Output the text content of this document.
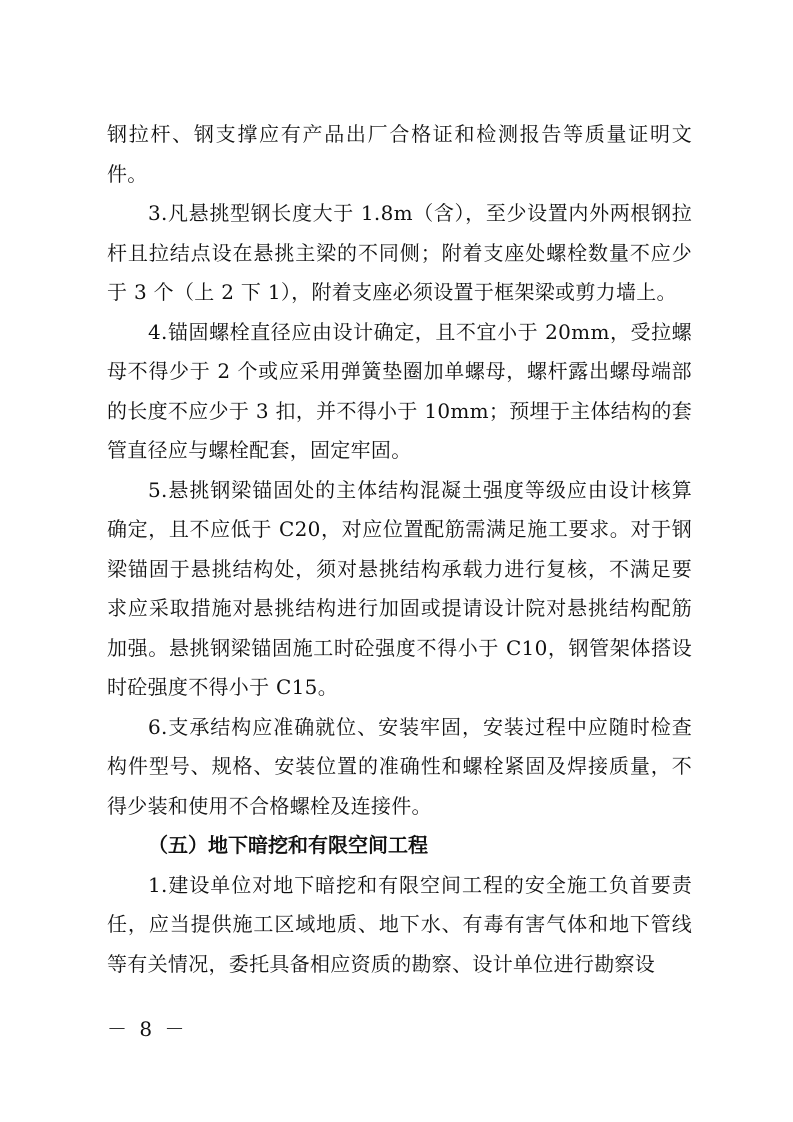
钢拉杆、钢支撑应有产品出厂合格证和检测报告等质量证明文件。

3.凡悬挑型钢长度大于 1.8m（含），至少设置内外两根钢拉杆且拉结点设在悬挑主梁的不同侧；附着支座处螺栓数量不应少于 3 个（上 2 下 1），附着支座必须设置于框架梁或剪力墙上。

4.锚固螺栓直径应由设计确定，且不宜小于 20mm，受拉螺母不得少于 2 个或应采用弹簧垫圈加单螺母，螺杆露出螺母端部的长度不应少于 3 扣，并不得小于 10mm；预埋于主体结构的套管直径应与螺栓配套，固定牢固。

5.悬挑钢梁锚固处的主体结构混凝土强度等级应由设计核算确定，且不应低于 C20，对应位置配筋需满足施工要求。对于钢梁锚固于悬挑结构处，须对悬挑结构承载力进行复核，不满足要求应采取措施对悬挑结构进行加固或提请设计院对悬挑结构配筋加强。悬挑钢梁锚固施工时砼强度不得小于 C10，钢管架体搭设时砼强度不得小于 C15。

6.支承结构应准确就位、安装牢固，安装过程中应随时检查构件型号、规格、安装位置的准确性和螺栓紧固及焊接质量，不得少装和使用不合格螺栓及连接件。

（五）地下暗挖和有限空间工程

1.建设单位对地下暗挖和有限空间工程的安全施工负首要责任，应当提供施工区域地质、地下水、有毒有害气体和地下管线等有关情况，委托具备相应资质的勘察、设计单位进行勘察设

－ 8 －
